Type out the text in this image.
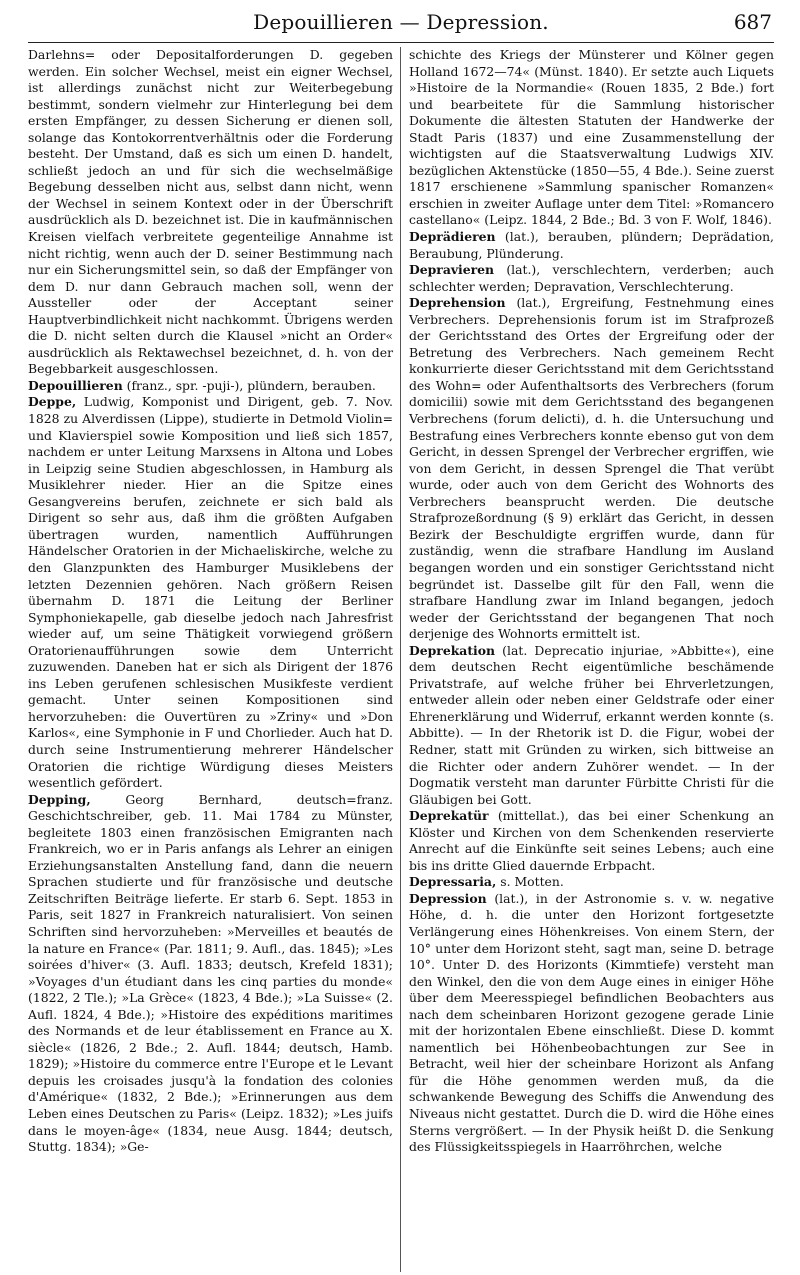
Depouillieren — Depression.	687

Darlehns= oder Depositalforderungen D. gegeben werden. Ein solcher Wechsel, meist ein eigner Wechsel, ist allerdings zunächst nicht zur Weiterbegebung bestimmt, sondern vielmehr zur Hinterlegung bei dem ersten Empfänger, zu dessen Sicherung er dienen soll, solange das Kontokorrentverhältnis oder die Forderung besteht. Der Umstand, daß es sich um einen D. handelt, schließt jedoch an und für sich die wechselmäßige Begebung desselben nicht aus, selbst dann nicht, wenn der Wechsel in seinem Kontext oder in der Überschrift ausdrücklich als D. bezeichnet ist. Die in kaufmännischen Kreisen vielfach verbreitete gegenteilige Annahme ist nicht richtig, wenn auch der D. seiner Bestimmung nach nur ein Sicherungsmittel sein, so daß der Empfänger von dem D. nur dann Gebrauch machen soll, wenn der Aussteller oder der Acceptant seiner Hauptverbindlichkeit nicht nachkommt. Übrigens werden die D. nicht selten durch die Klausel »nicht an Order« ausdrücklich als Rektawechsel bezeichnet, d. h. von der Begebbarkeit ausgeschlossen.

Depouillieren (franz., spr. -puji-), plündern, berauben.

Deppe, Ludwig, Komponist und Dirigent, geb. 7. Nov. 1828 zu Alverdissen (Lippe), studierte in Detmold Violin= und Klavierspiel sowie Komposition und ließ sich 1857, nachdem er unter Leitung Marxsens in Altona und Lobes in Leipzig seine Studien abgeschlossen, in Hamburg als Musiklehrer nieder. Hier an die Spitze eines Gesangvereins berufen, zeichnete er sich bald als Dirigent so sehr aus, daß ihm die größten Aufgaben übertragen wurden, namentlich Aufführungen Händelscher Oratorien in der Michaeliskirche, welche zu den Glanzpunkten des Hamburger Musiklebens der letzten Dezennien gehören. Nach größern Reisen übernahm D. 1871 die Leitung der Berliner Symphoniekapelle, gab dieselbe jedoch nach Jahresfrist wieder auf, um seine Thätigkeit vorwiegend größern Oratorienaufführungen sowie dem Unterricht zuzuwenden. Daneben hat er sich als Dirigent der 1876 ins Leben gerufenen schlesischen Musikfeste verdient gemacht. Unter seinen Kompositionen sind hervorzuheben: die Ouvertüren zu »Zriny« und »Don Karlos«, eine Symphonie in F und Chorlieder. Auch hat D. durch seine Instrumentierung mehrerer Händelscher Oratorien die richtige Würdigung dieses Meisters wesentlich gefördert.

Depping, Georg Bernhard, deutsch=franz. Geschichtschreiber, geb. 11. Mai 1784 zu Münster, begleitete 1803 einen französischen Emigranten nach Frankreich, wo er in Paris anfangs als Lehrer an einigen Erziehungsanstalten Anstellung fand, dann die neuern Sprachen studierte und für französische und deutsche Zeitschriften Beiträge lieferte. Er starb 6. Sept. 1853 in Paris, seit 1827 in Frankreich naturalisiert. Von seinen Schriften sind hervorzuheben: »Merveilles et beautés de la nature en France« (Par. 1811; 9. Aufl., das. 1845); »Les soirées d'hiver« (3. Aufl. 1833; deutsch, Krefeld 1831); »Voyages d'un étudiant dans les cinq parties du monde« (1822, 2 Tle.); »La Grèce« (1823, 4 Bde.); »La Suisse« (2. Aufl. 1824, 4 Bde.); »Histoire des expéditions maritimes des Normands et de leur établissement en France au X. siècle« (1826, 2 Bde.; 2. Aufl. 1844; deutsch, Hamb. 1829); »Histoire du commerce entre l'Europe et le Levant depuis les croisades jusqu'à la fondation des colonies d'Amérique« (1832, 2 Bde.); »Erinnerungen aus dem Leben eines Deutschen zu Paris« (Leipz. 1832); »Les juifs dans le moyen-âge« (1834, neue Ausg. 1844; deutsch, Stuttg. 1834); »Ge-

schichte des Kriegs der Münsterer und Kölner gegen Holland 1672—74« (Münst. 1840). Er setzte auch Liquets »Histoire de la Normandie« (Rouen 1835, 2 Bde.) fort und bearbeitete für die Sammlung historischer Dokumente die ältesten Statuten der Handwerke der Stadt Paris (1837) und eine Zusammenstellung der wichtigsten auf die Staatsverwaltung Ludwigs XIV. bezüglichen Aktenstücke (1850—55, 4 Bde.). Seine zuerst 1817 erschienene »Sammlung spanischer Romanzen« erschien in zweiter Auflage unter dem Titel: »Romancero castellano« (Leipz. 1844, 2 Bde.; Bd. 3 von F. Wolf, 1846).

Deprädieren (lat.), berauben, plündern; Deprädation, Beraubung, Plünderung.

Depravieren (lat.), verschlechtern, verderben; auch schlechter werden; Depravation, Verschlechterung.

Deprehension (lat.), Ergreifung, Festnehmung eines Verbrechers. Deprehensionis forum ist im Strafprozeß der Gerichtsstand des Ortes der Ergreifung oder der Betretung des Verbrechers. Nach gemeinem Recht konkurrierte dieser Gerichtsstand mit dem Gerichtsstand des Wohn= oder Aufenthaltsorts des Verbrechers (forum domicilii) sowie mit dem Gerichtsstand des begangenen Verbrechens (forum delicti), d. h. die Untersuchung und Bestrafung eines Verbrechers konnte ebenso gut von dem Gericht, in dessen Sprengel der Verbrecher ergriffen, wie von dem Gericht, in dessen Sprengel die That verübt wurde, oder auch von dem Gericht des Wohnorts des Verbrechers beansprucht werden. Die deutsche Strafprozeßordnung (§ 9) erklärt das Gericht, in dessen Bezirk der Beschuldigte ergriffen wurde, dann für zuständig, wenn die strafbare Handlung im Ausland begangen worden und ein sonstiger Gerichtsstand nicht begründet ist. Dasselbe gilt für den Fall, wenn die strafbare Handlung zwar im Inland begangen, jedoch weder der Gerichtsstand der begangenen That noch derjenige des Wohnorts ermittelt ist.

Deprekation (lat. Deprecatio injuriae, »Abbitte«), eine dem deutschen Recht eigentümliche beschämende Privatstrafe, auf welche früher bei Ehrverletzungen, entweder allein oder neben einer Geldstrafe oder einer Ehrenerklärung und Widerruf, erkannt werden konnte (s. Abbitte). — In der Rhetorik ist D. die Figur, wobei der Redner, statt mit Gründen zu wirken, sich bittweise an die Richter oder andern Zuhörer wendet. — In der Dogmatik versteht man darunter Fürbitte Christi für die Gläubigen bei Gott.

Deprekatür (mittellat.), das bei einer Schenkung an Klöster und Kirchen von dem Schenkenden reservierte Anrecht auf die Einkünfte seit seines Lebens; auch eine bis ins dritte Glied dauernde Erbpacht.

Depressaria, s. Motten.

Depression (lat.), in der Astronomie s. v. w. negative Höhe, d. h. die unter den Horizont fortgesetzte Verlängerung eines Höhenkreises. Von einem Stern, der 10° unter dem Horizont steht, sagt man, seine D. betrage 10°. Unter D. des Horizonts (Kimmtiefe) versteht man den Winkel, den die von dem Auge eines in einiger Höhe über dem Meeresspiegel befindlichen Beobachters aus nach dem scheinbaren Horizont gezogene gerade Linie mit der horizontalen Ebene einschließt. Diese D. kommt namentlich bei Höhenbeobachtungen zur See in Betracht, weil hier der scheinbare Horizont als Anfang für die Höhe genommen werden muß, da die schwankende Bewegung des Schiffs die Anwendung des Niveaus nicht gestattet. Durch die D. wird die Höhe eines Sterns vergrößert. — In der Physik heißt D. die Senkung des Flüssigkeitsspiegels in Haarröhrchen, welche
